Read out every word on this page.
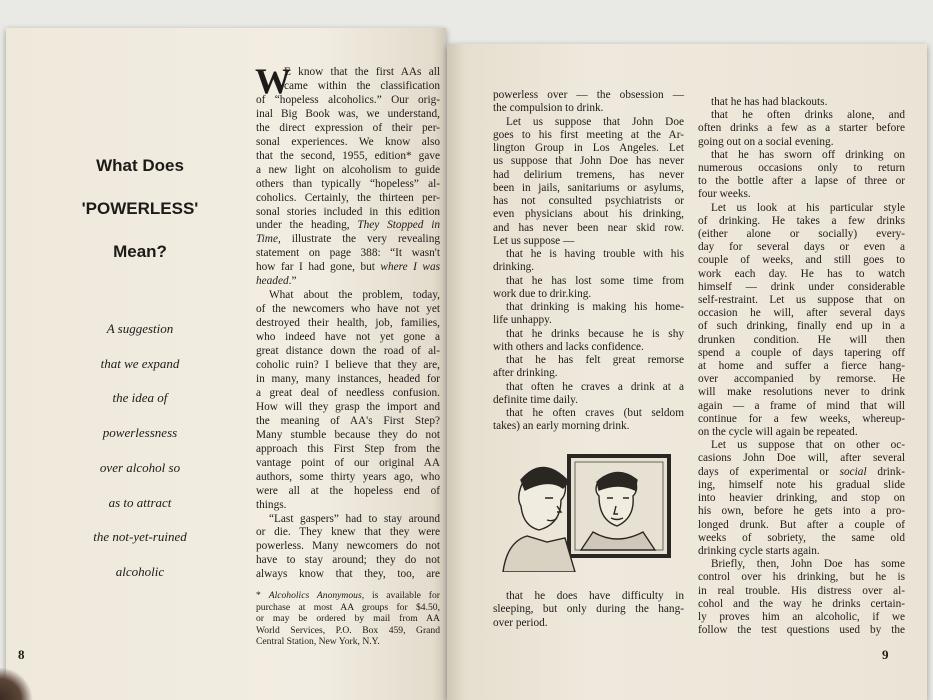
What Does
'POWERLESS'
Mean?
A suggestion
that we expand
the idea of
powerlessness
over alcohol so
as to attract
the not-yet-ruined
alcoholic
W
E know that the first AAs all
came within the classification
of “hopeless alcoholics.” Our orig-
inal Big Book was, we understand,
the direct expression of their per-
sonal experiences. We know also
that the second, 1955, edition* gave
a new light on alcoholism to guide
others than typically “hopeless” al-
coholics. Certainly, the thirteen per-
sonal stories included in this edition
under the heading, They Stopped in
Time, illustrate the very revealing
statement on page 388: “It wasn't
how far I had gone, but where I was
headed.”
What about the problem, today,
of the newcomers who have not yet
destroyed their health, job, families,
who indeed have not yet gone a
great distance down the road of al-
coholic ruin? I believe that they are,
in many, many instances, headed for
a great deal of needless confusion.
How will they grasp the import and
the meaning of AA's First Step?
Many stumble because they do not
approach this First Step from the
vantage point of our original AA
authors, some thirty years ago, who
were all at the hopeless end of
things.
“Last gaspers” had to stay around
or die. They knew that they were
powerless. Many newcomers do not
have to stay around; they do not
always know that they, too, are
* Alcoholics Anonymous, is available for
purchase at most AA groups for $4.50,
or may be ordered by mail from AA
World Services, P.O. Box 459, Grand
Central Station, New York, N.Y.
8
powerless over — the obsession —
the compulsion to drink.
Let us suppose that John Doe
goes to his first meeting at the Ar-
lington Group in Los Angeles. Let
us suppose that John Doe has never
had delirium tremens, has never
been in jails, sanitariums or asylums,
has not consulted psychiatrists or
even physicians about his drinking,
and has never been near skid row.
Let us suppose —
that he is having trouble with his
drinking.
that he has lost some time from
work due to drir.king.
that drinking is making his home-
life unhappy.
that he drinks because he is shy
with others and lacks confidence.
that he has felt great remorse
after drinking.
that often he craves a drink at a
definite time daily.
that he often craves (but seldom
takes) an early morning drink.
that he does have difficulty in
sleeping, but only during the hang-
over period.
that he has had blackouts.
that he often drinks alone, and
often drinks a few as a starter before
going out on a social evening.
that he has sworn off drinking on
numerous occasions only to return
to the bottle after a lapse of three or
four weeks.
Let us look at his particular style
of drinking. He takes a few drinks
(either alone or socially) every-
day for several days or even a
couple of weeks, and still goes to
work each day. He has to watch
himself — drink under considerable
self-restraint. Let us suppose that on
occasion he will, after several days
of such drinking, finally end up in a
drunken condition. He will then
spend a couple of days tapering off
at home and suffer a fierce hang-
over accompanied by remorse. He
will make resolutions never to drink
again — a frame of mind that will
continue for a few weeks, whereup-
on the cycle will again be repeated.
Let us suppose that on other oc-
casions John Doe will, after several
days of experimental or social drink-
ing, himself note his gradual slide
into heavier drinking, and stop on
his own, before he gets into a pro-
longed drunk. But after a couple of
weeks of sobriety, the same old
drinking cycle starts again.
Briefly, then, John Doe has some
control over his drinking, but he is
in real trouble. His distress over al-
cohol and the way he drinks certain-
ly proves him an alcoholic, if we
follow the test questions used by the
9
